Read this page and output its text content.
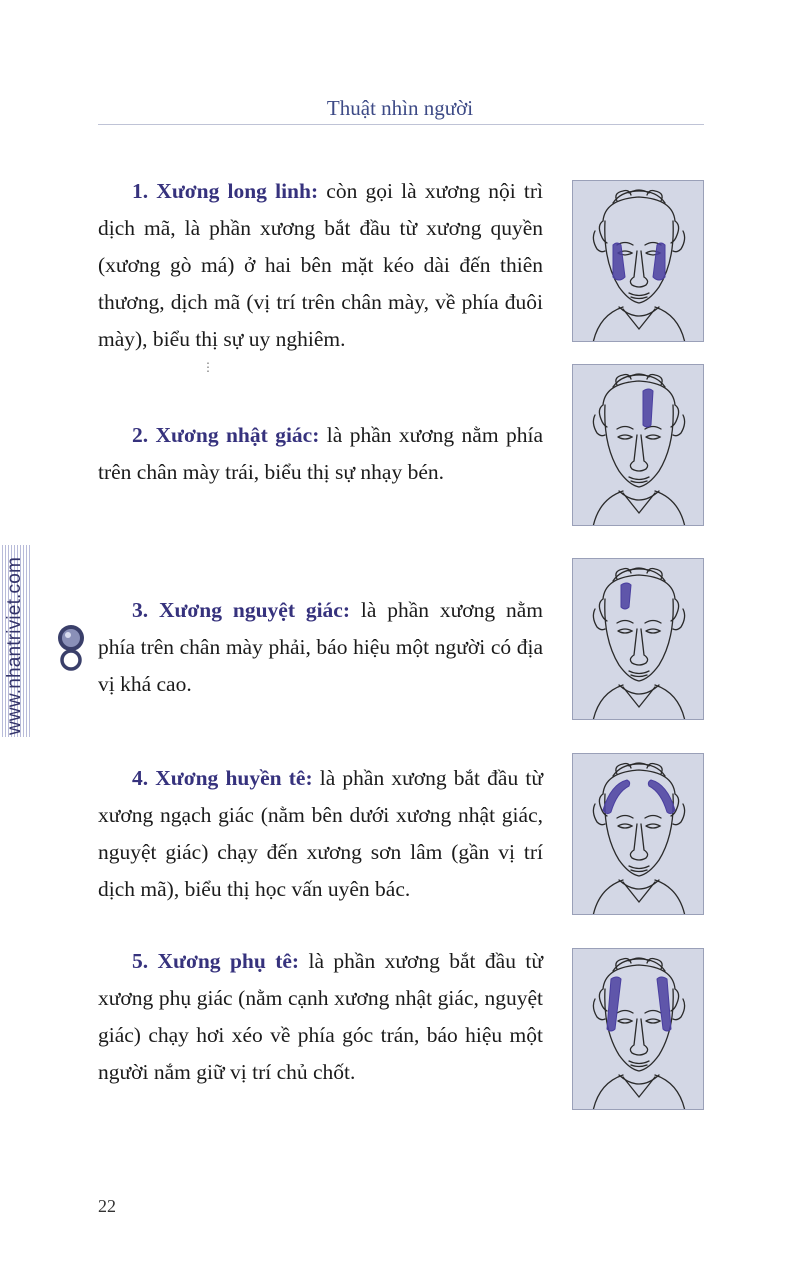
Thuật nhìn người
www.nhantriviet.com
⋮
1. Xương long linh: còn gọi là xương nội trì dịch mã, là phần xương bắt đầu từ xương quyền (xương gò má) ở hai bên mặt kéo dài đến thiên thương, dịch mã (vị trí trên chân mày, về phía đuôi mày), biểu thị sự uy nghiêm.
2. Xương nhật giác: là phần xương nằm phía trên chân mày trái, biểu thị sự nhạy bén.
3. Xương nguyệt giác: là phần xương nằm phía trên chân mày phải, báo hiệu một người có địa vị khá cao.
4. Xương huyền tê: là phần xương bắt đầu từ xương ngạch giác (nằm bên dưới xương nhật giác, nguyệt giác) chạy đến xương sơn lâm (gần vị trí dịch mã), biểu thị học vấn uyên bác.
5. Xương phụ tê: là phần xương bắt đầu từ xương phụ giác (nằm cạnh xương nhật giác, nguyệt giác) chạy hơi xéo về phía góc trán, báo hiệu một người nắm giữ vị trí chủ chốt.
22
